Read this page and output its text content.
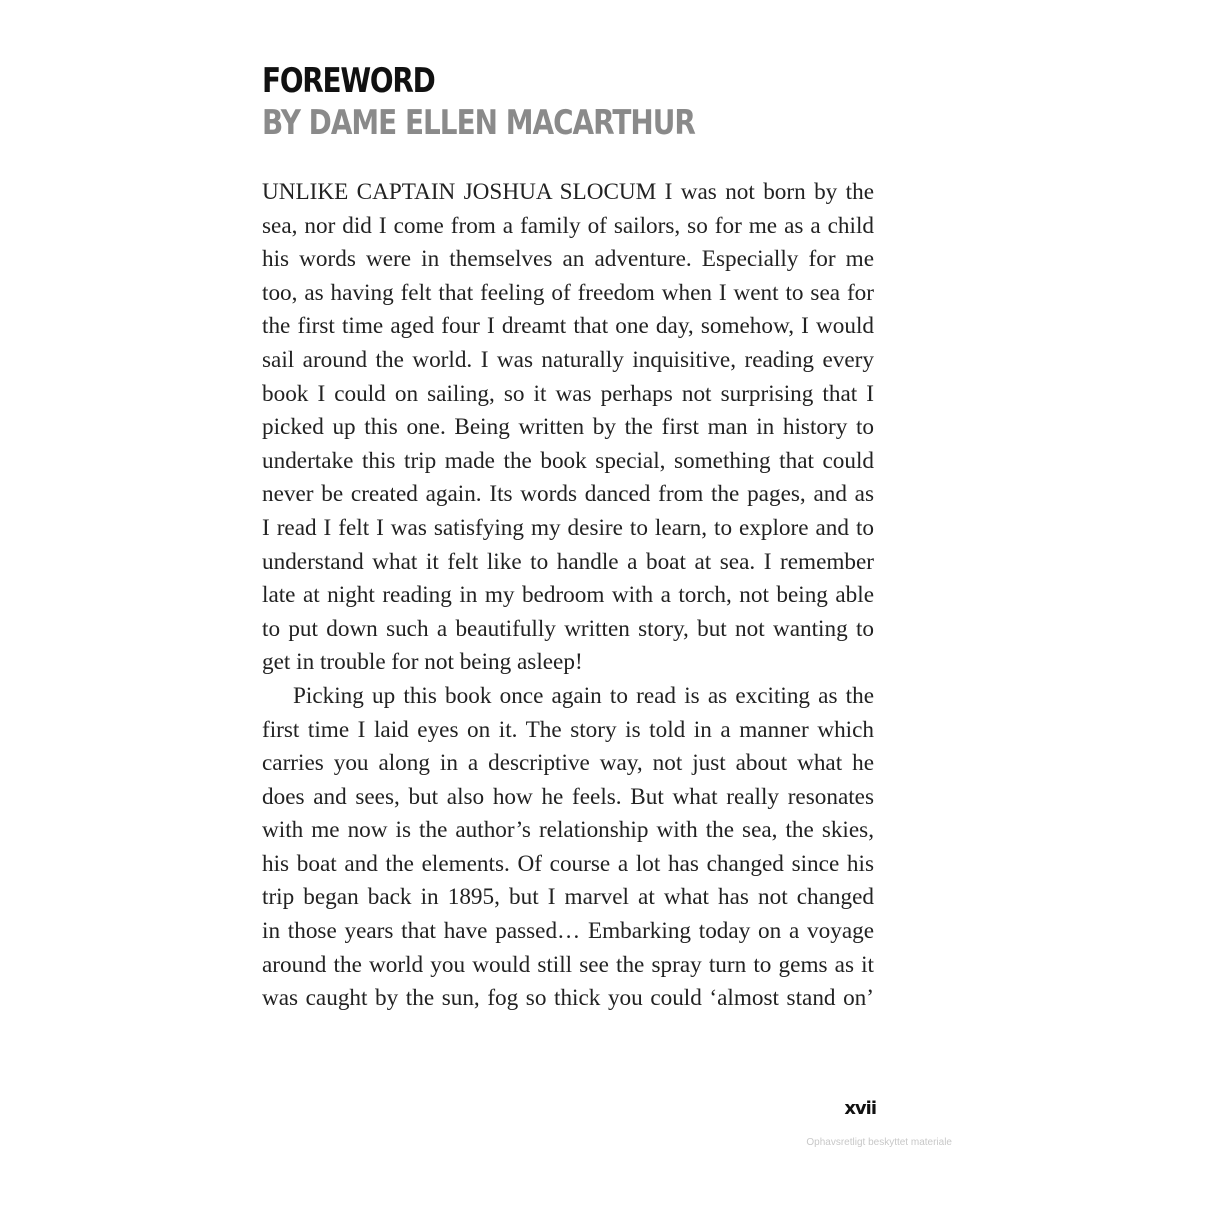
FOREWORD
BY DAME ELLEN MACARTHUR

UNLIKE CAPTAIN JOSHUA SLOCUM I was not born by the
sea, nor did I come from a family of sailors, so for me as a child
his words were in themselves an adventure. Especially for me
too, as having felt that feeling of freedom when I went to sea for
the first time aged four I dreamt that one day, somehow, I would
sail around the world. I was naturally inquisitive, reading every
book I could on sailing, so it was perhaps not surprising that I
picked up this one. Being written by the first man in history to
undertake this trip made the book special, something that could
never be created again. Its words danced from the pages, and as
I read I felt I was satisfying my desire to learn, to explore and to
understand what it felt like to handle a boat at sea. I remember
late at night reading in my bedroom with a torch, not being able
to put down such a beautifully written story, but not wanting to
get in trouble for not being asleep!

Picking up this book once again to read is as exciting as the
first time I laid eyes on it. The story is told in a manner which
carries you along in a descriptive way, not just about what he
does and sees, but also how he feels. But what really resonates
with me now is the author’s relationship with the sea, the skies,
his boat and the elements. Of course a lot has changed since his
trip began back in 1895, but I marvel at what has not changed
in those years that have passed… Embarking today on a voyage
around the world you would still see the spray turn to gems as it
was caught by the sun, fog so thick you could ‘almost stand on’

xvii
Ophavsretligt beskyttet materiale
